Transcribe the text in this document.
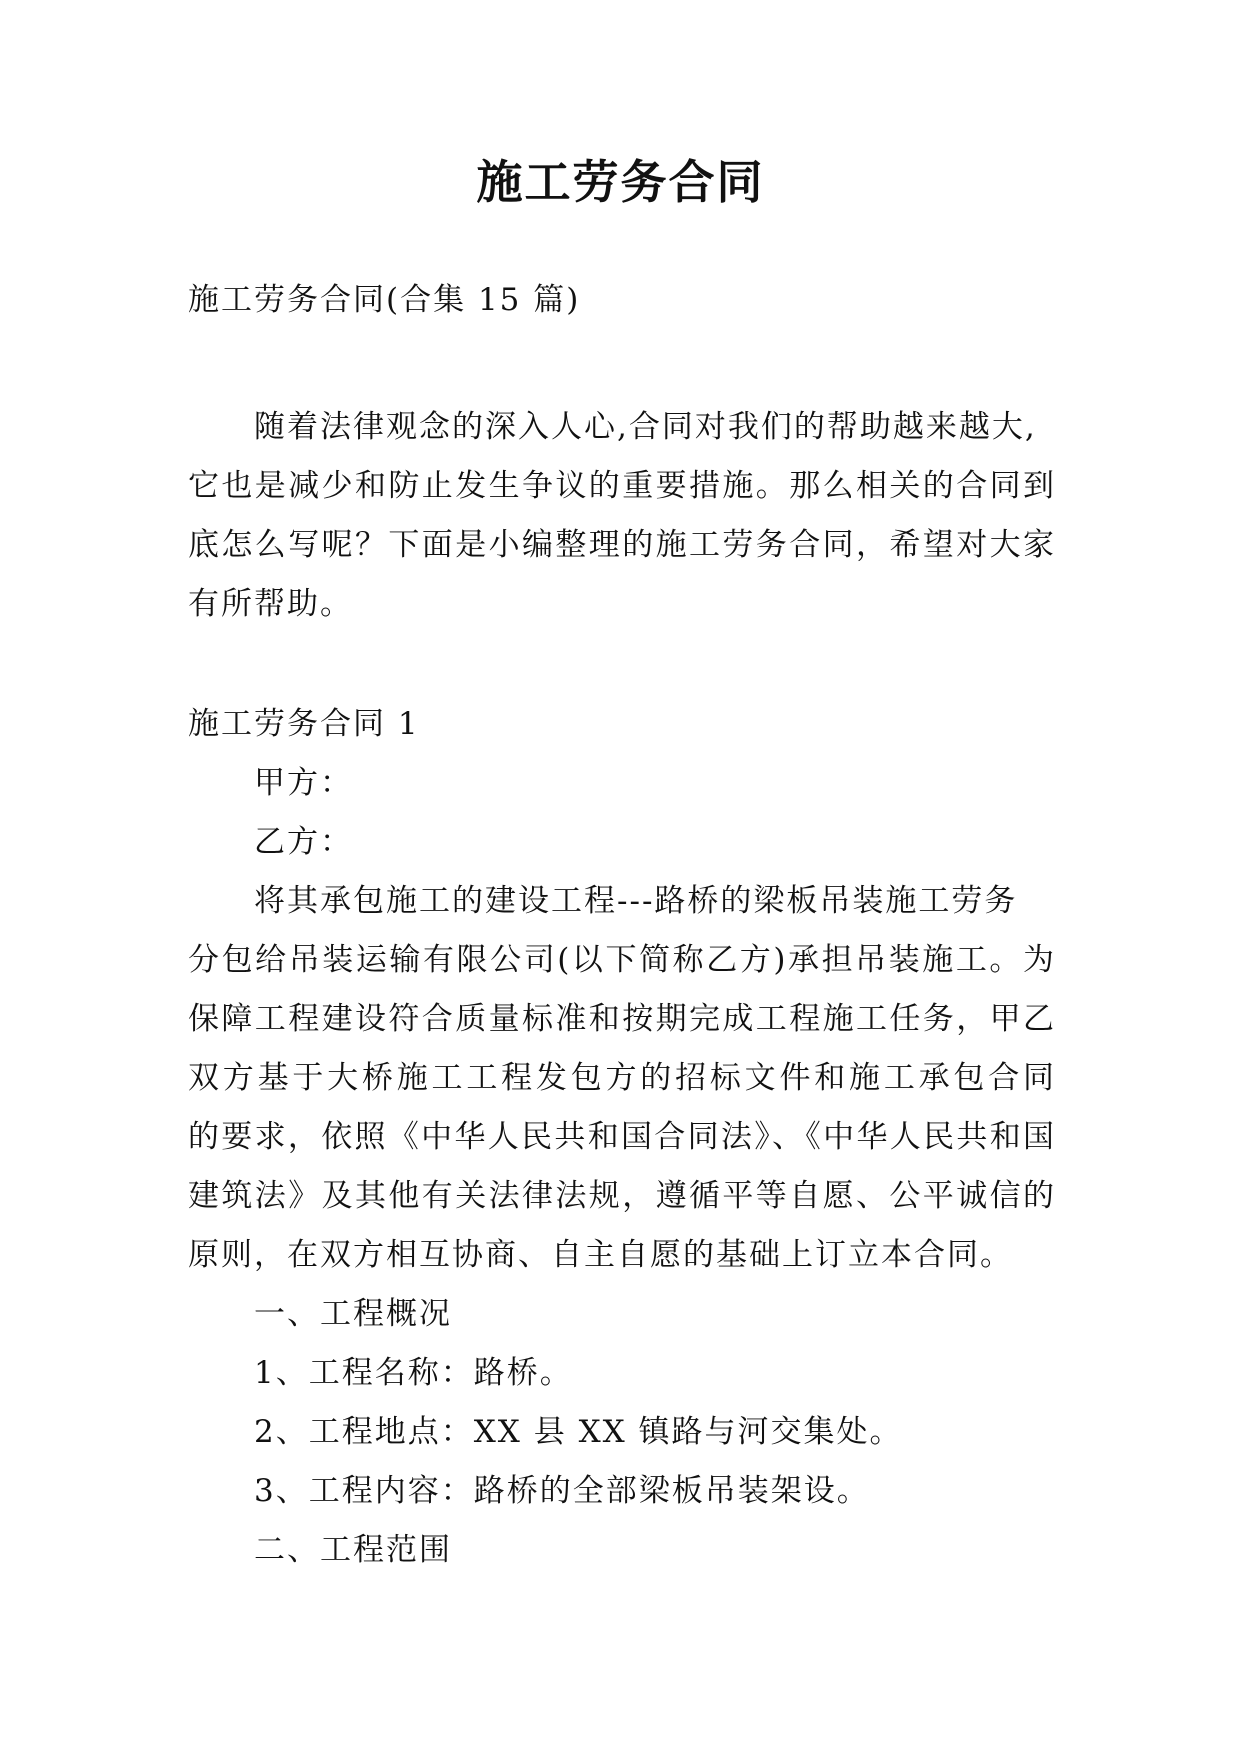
施工劳务合同
施工劳务合同(合集 15 篇)
随着法律观念的深入人心,合同对我们的帮助越来越大,
它也是减少和防止发生争议的重要措施。那么相关的合同到
底怎么写呢？下面是小编整理的施工劳务合同，希望对大家
有所帮助。
施工劳务合同 1
甲方：
乙方：
将其承包施工的建设工程---路桥的梁板吊装施工劳务
分包给吊装运输有限公司(以下简称乙方)承担吊装施工。为
保障工程建设符合质量标准和按期完成工程施工任务，甲乙
双方基于大桥施工工程发包方的招标文件和施工承包合同
的要求，依照《中华人民共和国合同法》、《中华人民共和国
建筑法》及其他有关法律法规，遵循平等自愿、公平诚信的
原则，在双方相互协商、自主自愿的基础上订立本合同。
一、工程概况
1、工程名称：路桥。
2、工程地点：XX 县 XX 镇路与河交集处。
3、工程内容：路桥的全部梁板吊装架设。
二、工程范围
